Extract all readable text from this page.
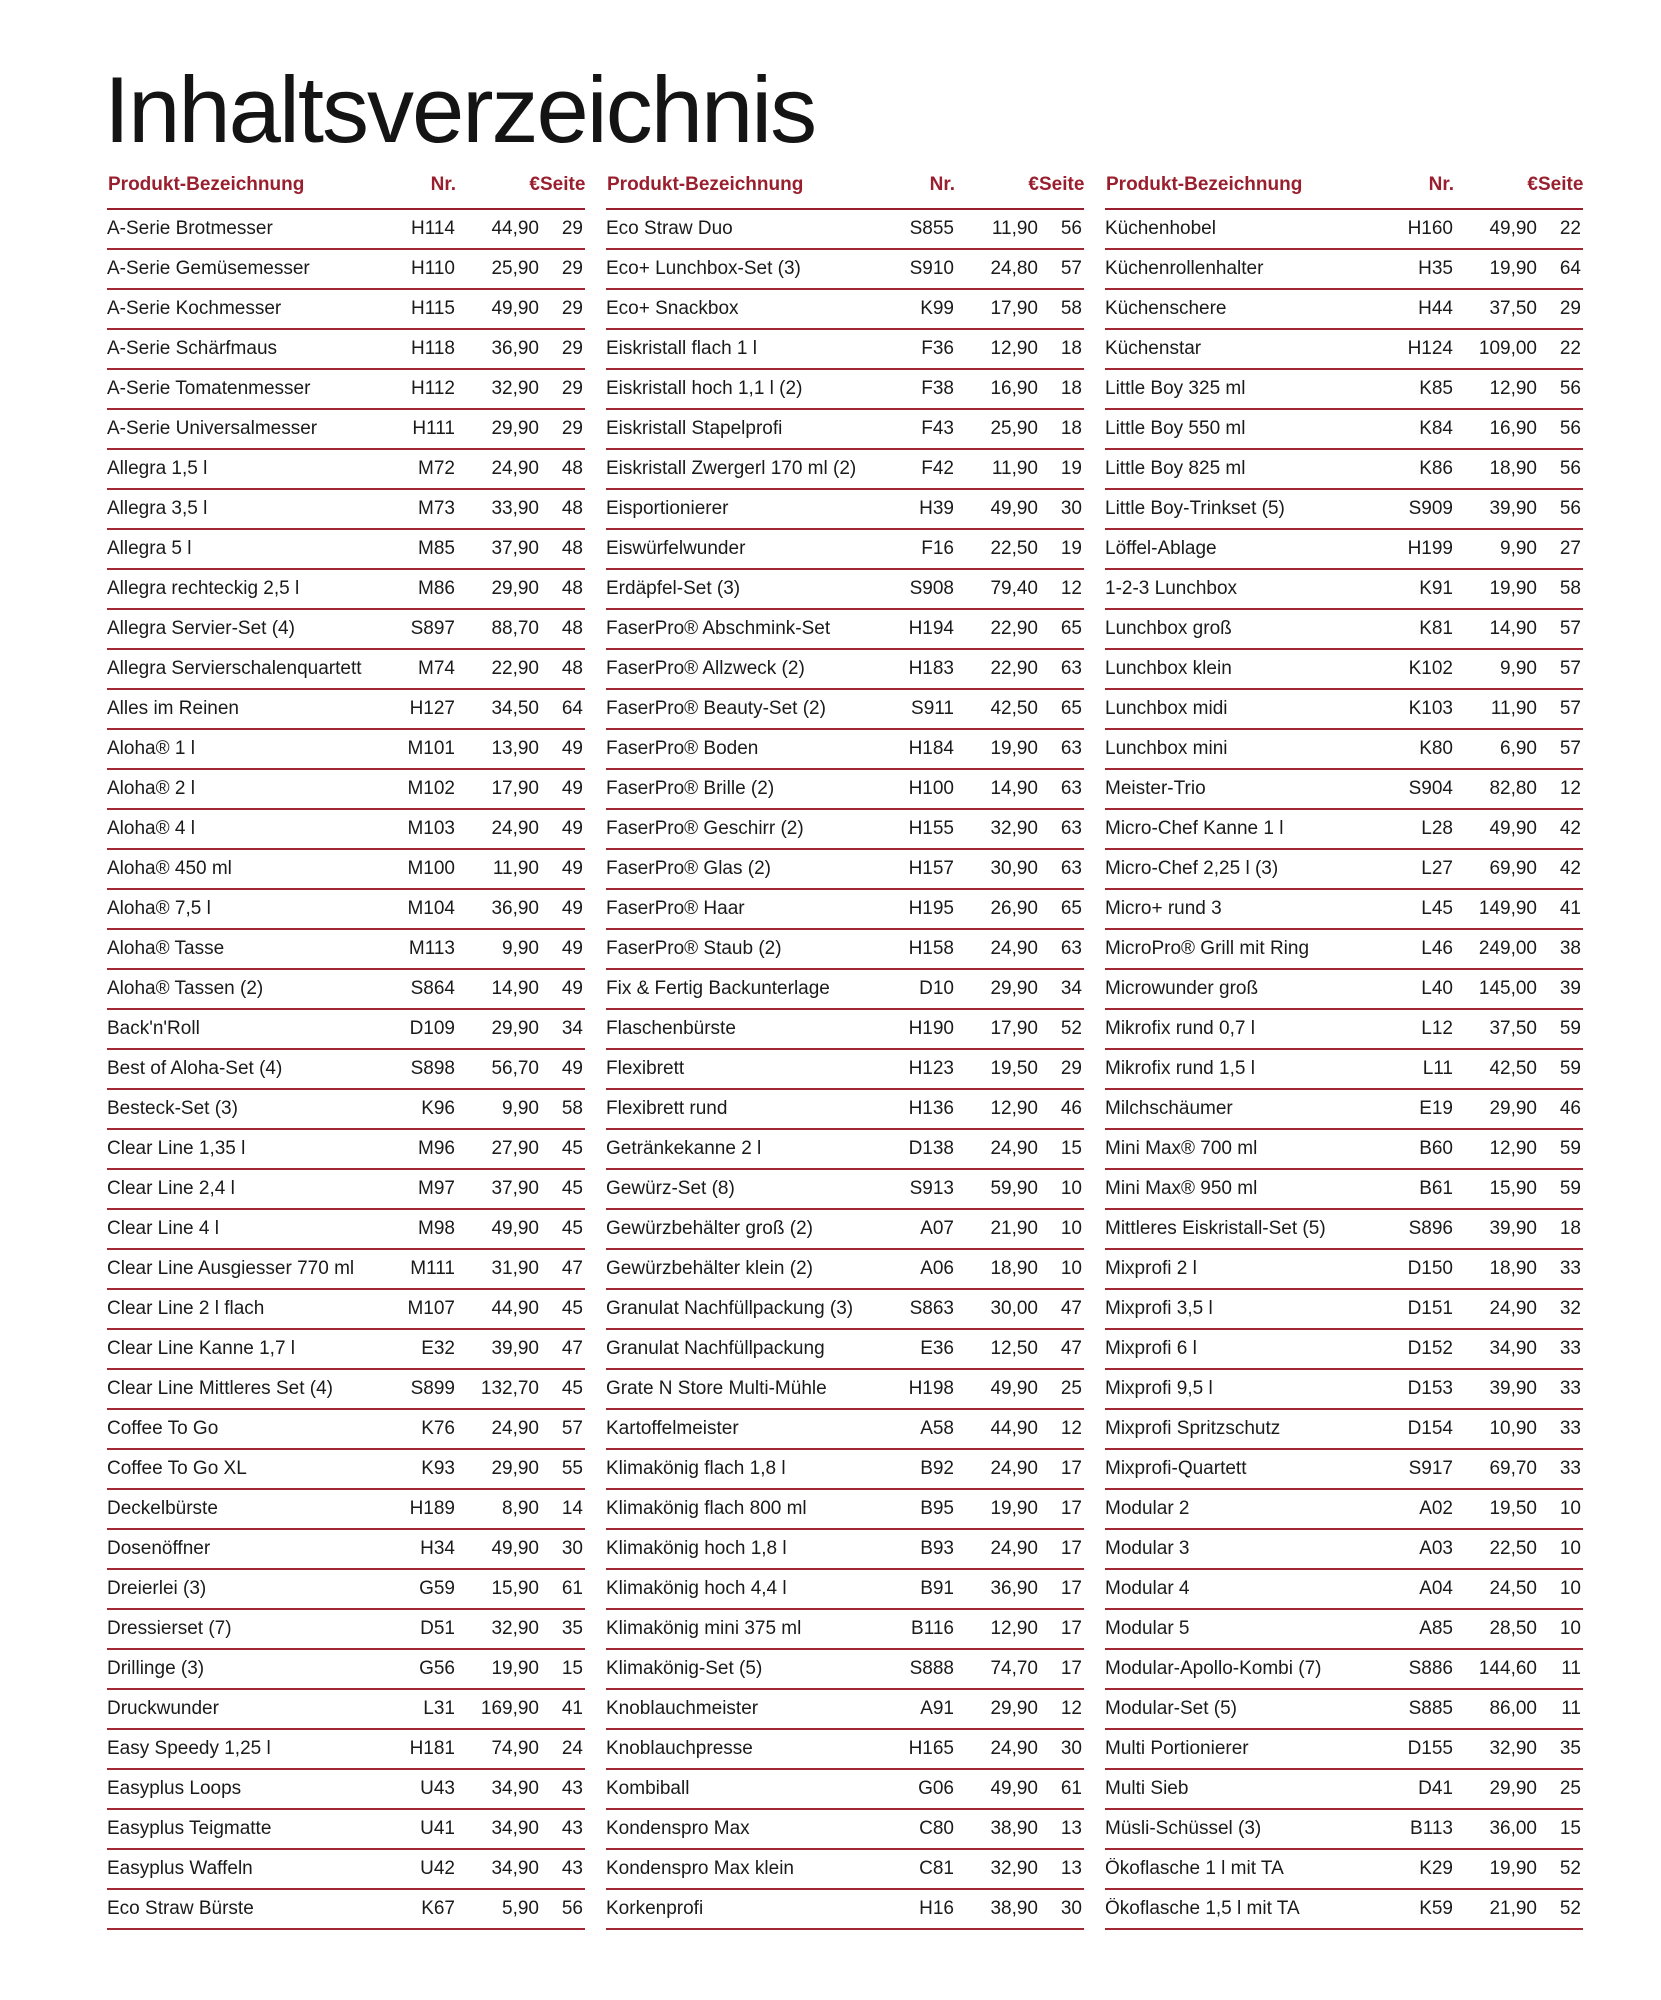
Inhaltsverzeichnis
Produkt-Bezeichnung	Nr.	€ Seite
A-Serie Brotmesser	H114	44,90	29
A-Serie Gemüsemesser	H110	25,90	29
A-Serie Kochmesser	H115	49,90	29
A-Serie Schärfmaus	H118	36,90	29
A-Serie Tomatenmesser	H112	32,90	29
A-Serie Universalmesser	H111	29,90	29
Allegra 1,5 l	M72	24,90	48
Allegra 3,5 l	M73	33,90	48
Allegra 5 l	M85	37,90	48
Allegra rechteckig 2,5 l	M86	29,90	48
Allegra Servier-Set (4)	S897	88,70	48
Allegra Servierschalenquartett	M74	22,90	48
Alles im Reinen	H127	34,50	64
Aloha® 1 l	M101	13,90	49
Aloha® 2 l	M102	17,90	49
Aloha® 4 l	M103	24,90	49
Aloha® 450 ml	M100	11,90	49
Aloha® 7,5 l	M104	36,90	49
Aloha® Tasse	M113	9,90	49
Aloha® Tassen (2)	S864	14,90	49
Back'n'Roll	D109	29,90	34
Best of Aloha-Set (4)	S898	56,70	49
Besteck-Set (3)	K96	9,90	58
Clear Line 1,35 l	M96	27,90	45
Clear Line 2,4 l	M97	37,90	45
Clear Line 4 l	M98	49,90	45
Clear Line Ausgiesser 770 ml	M111	31,90	47
Clear Line 2 l flach	M107	44,90	45
Clear Line Kanne 1,7 l	E32	39,90	47
Clear Line Mittleres Set (4)	S899	132,70	45
Coffee To Go	K76	24,90	57
Coffee To Go XL	K93	29,90	55
Deckelbürste	H189	8,90	14
Dosenöffner	H34	49,90	30
Dreierlei (3)	G59	15,90	61
Dressierset (7)	D51	32,90	35
Drillinge (3)	G56	19,90	15
Druckwunder	L31	169,90	41
Easy Speedy 1,25 l	H181	74,90	24
Easyplus Loops	U43	34,90	43
Easyplus Teigmatte	U41	34,90	43
Easyplus Waffeln	U42	34,90	43
Eco Straw Bürste	K67	5,90	56
Produkt-Bezeichnung	Nr.	€ Seite
Eco Straw Duo	S855	11,90	56
Eco+ Lunchbox-Set (3)	S910	24,80	57
Eco+ Snackbox	K99	17,90	58
Eiskristall flach 1 l	F36	12,90	18
Eiskristall hoch 1,1 l (2)	F38	16,90	18
Eiskristall Stapelprofi	F43	25,90	18
Eiskristall Zwergerl 170 ml (2)	F42	11,90	19
Eisportionierer	H39	49,90	30
Eiswürfelwunder	F16	22,50	19
Erdäpfel-Set (3)	S908	79,40	12
FaserPro® Abschmink-Set	H194	22,90	65
FaserPro® Allzweck (2)	H183	22,90	63
FaserPro® Beauty-Set (2)	S911	42,50	65
FaserPro® Boden	H184	19,90	63
FaserPro® Brille (2)	H100	14,90	63
FaserPro® Geschirr (2)	H155	32,90	63
FaserPro® Glas (2)	H157	30,90	63
FaserPro® Haar	H195	26,90	65
FaserPro® Staub (2)	H158	24,90	63
Fix & Fertig Backunterlage	D10	29,90	34
Flaschenbürste	H190	17,90	52
Flexibrett	H123	19,50	29
Flexibrett rund	H136	12,90	46
Getränkekanne 2 l	D138	24,90	15
Gewürz-Set (8)	S913	59,90	10
Gewürzbehälter groß (2)	A07	21,90	10
Gewürzbehälter klein (2)	A06	18,90	10
Granulat Nachfüllpackung (3)	S863	30,00	47
Granulat Nachfüllpackung	E36	12,50	47
Grate N Store Multi-Mühle	H198	49,90	25
Kartoffelmeister	A58	44,90	12
Klimakönig flach 1,8 l	B92	24,90	17
Klimakönig flach 800 ml	B95	19,90	17
Klimakönig hoch 1,8 l	B93	24,90	17
Klimakönig hoch 4,4 l	B91	36,90	17
Klimakönig mini 375 ml	B116	12,90	17
Klimakönig-Set (5)	S888	74,70	17
Knoblauchmeister	A91	29,90	12
Knoblauchpresse	H165	24,90	30
Kombiball	G06	49,90	61
Kondenspro Max	C80	38,90	13
Kondenspro Max klein	C81	32,90	13
Korkenprofi	H16	38,90	30
Produkt-Bezeichnung	Nr.	€ Seite
Küchenhobel	H160	49,90	22
Küchenrollenhalter	H35	19,90	64
Küchenschere	H44	37,50	29
Küchenstar	H124	109,00	22
Little Boy 325 ml	K85	12,90	56
Little Boy 550 ml	K84	16,90	56
Little Boy 825 ml	K86	18,90	56
Little Boy-Trinkset (5)	S909	39,90	56
Löffel-Ablage	H199	9,90	27
1-2-3 Lunchbox	K91	19,90	58
Lunchbox groß	K81	14,90	57
Lunchbox klein	K102	9,90	57
Lunchbox midi	K103	11,90	57
Lunchbox mini	K80	6,90	57
Meister-Trio	S904	82,80	12
Micro-Chef Kanne 1 l	L28	49,90	42
Micro-Chef 2,25 l (3)	L27	69,90	42
Micro+ rund 3	L45	149,90	41
MicroPro® Grill mit Ring	L46	249,00	38
Microwunder groß	L40	145,00	39
Mikrofix rund 0,7 l	L12	37,50	59
Mikrofix rund 1,5 l	L11	42,50	59
Milchschäumer	E19	29,90	46
Mini Max® 700 ml	B60	12,90	59
Mini Max® 950 ml	B61	15,90	59
Mittleres Eiskristall-Set (5)	S896	39,90	18
Mixprofi 2 l	D150	18,90	33
Mixprofi 3,5 l	D151	24,90	32
Mixprofi 6 l	D152	34,90	33
Mixprofi 9,5 l	D153	39,90	33
Mixprofi Spritzschutz	D154	10,90	33
Mixprofi-Quartett	S917	69,70	33
Modular 2	A02	19,50	10
Modular 3	A03	22,50	10
Modular 4	A04	24,50	10
Modular 5	A85	28,50	10
Modular-Apollo-Kombi (7)	S886	144,60	11
Modular-Set (5)	S885	86,00	11
Multi Portionierer	D155	32,90	35
Multi Sieb	D41	29,90	25
Müsli-Schüssel (3)	B113	36,00	15
Ökoflasche 1 l mit TA	K29	19,90	52
Ökoflasche 1,5 l mit TA	K59	21,90	52
